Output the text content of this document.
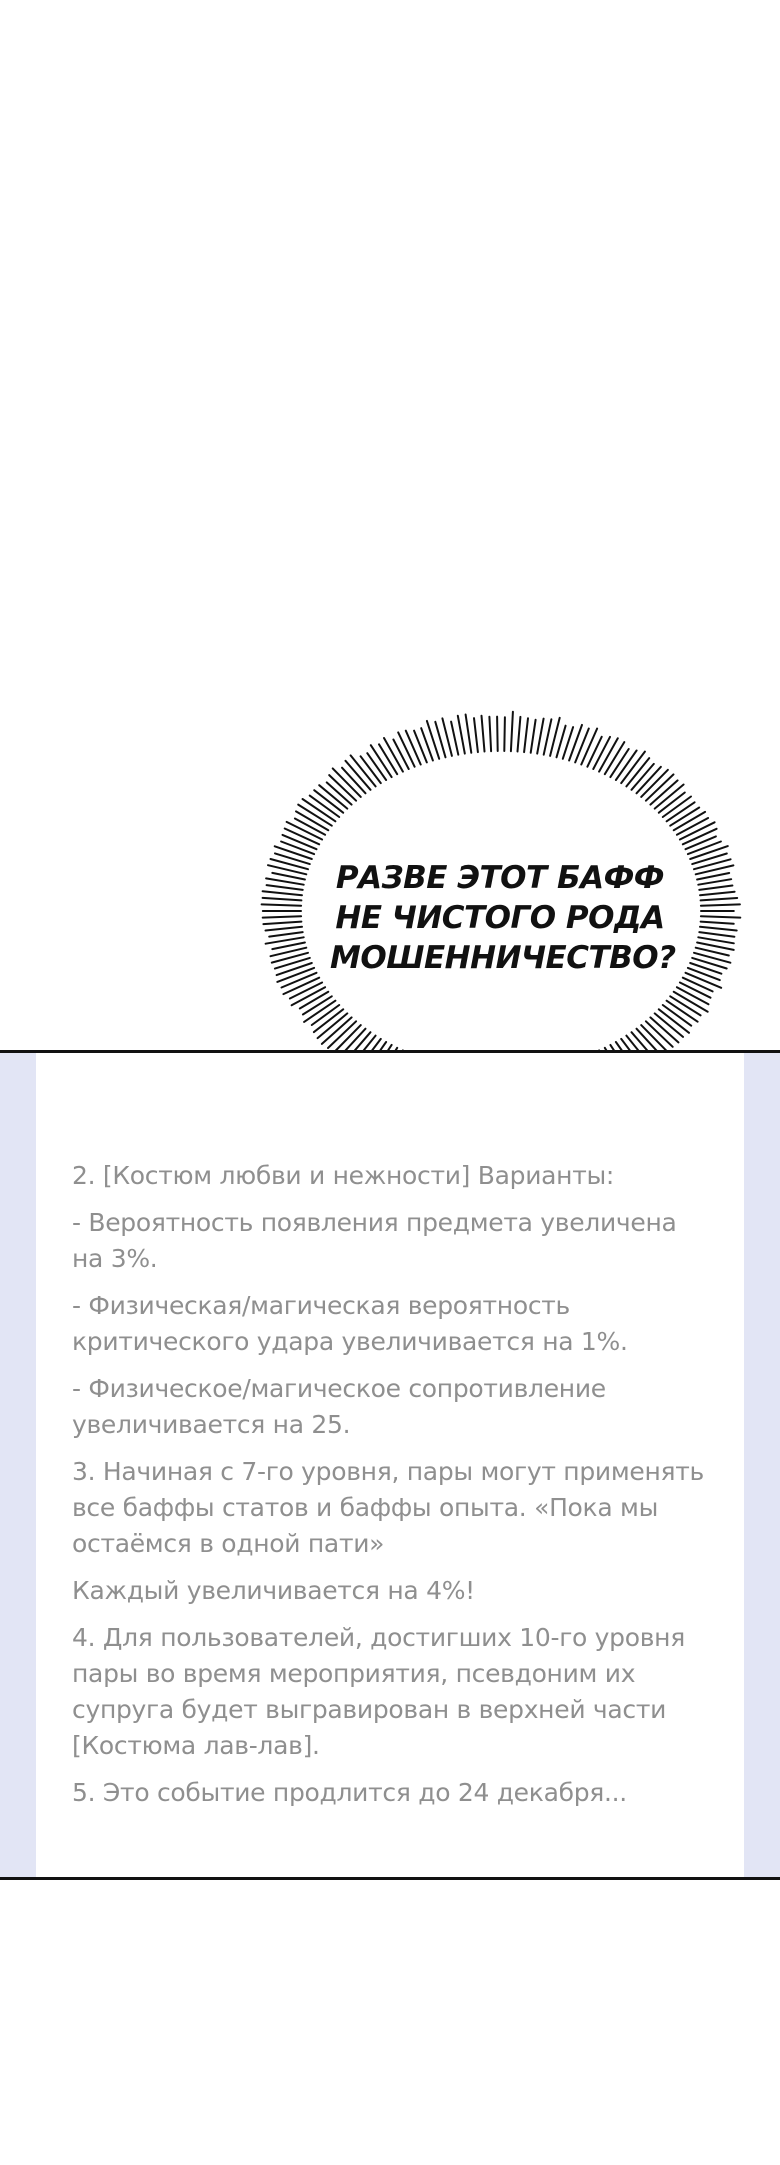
РАЗВЕ ЭТОТ БАФФ
НЕ ЧИСТОГО РОДА
МОШЕННИЧЕСТВО?

2. [Костюм любви и нежности] Варианты:

- Вероятность появления предмета увеличена на 3%.

- Физическая/магическая вероятность критического удара увеличивается на 1%.

- Физическое/магическое сопротивление увеличивается на 25.

3. Начиная с 7-го уровня, пары могут применять все баффы статов и баффы опыта. «Пока мы остаёмся в одной пати»

Каждый увеличивается на 4%!

4. Для пользователей, достигших 10-го уровня пары во время мероприятия, псевдоним их супруга будет выгравирован в верхней части [Костюма лав-лав].

5. Это событие продлится до 24 декабря...
